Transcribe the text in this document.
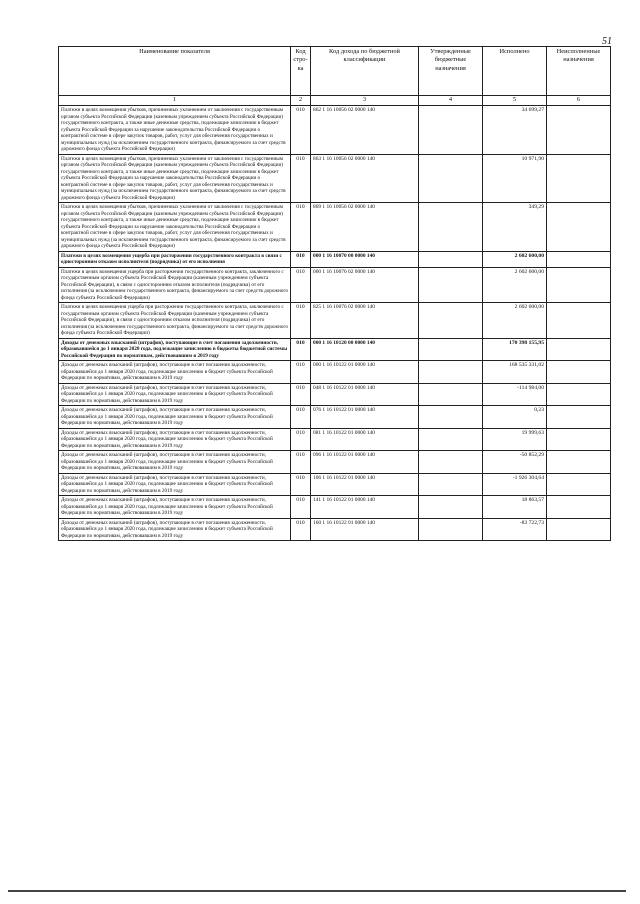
51
Наименование показателя	Код стро-ка	Код дохода по бюджетной классификации	Утвержденные бюджетные назначения	Исполнено	Неисполненные назначения
1	2	3	4	5	6
Платежи в целях возмещения убытков, причиненных уклонением от заключения с государственным органом субъекта Российской Федерации (казенным учреждением субъекта Российской Федерации) государственного контракта, а также иные денежные средства, подлежащие зачислению в бюджет субъекта Российской Федерации за нарушение законодательства Российской Федерации о контрактной системе в сфере закупок товаров, работ, услуг для обеспечения государственных и муниципальных нужд (за исключением государственного контракта, финансируемого за счет средств дорожного фонда субъекта Российской Федерации)	010	862 1 16 10056 02 0000 140		34 699,27	
Платежи в целях возмещения убытков, причиненных уклонением от заключения с государственным органом субъекта Российской Федерации (казенным учреждением субъекта Российской Федерации) государственного контракта, а также иные денежные средства, подлежащие зачислению в бюджет субъекта Российской Федерации за нарушение законодательства Российской Федерации о контрактной системе в сфере закупок товаров, работ, услуг для обеспечения государственных и муниципальных нужд (за исключением государственного контракта, финансируемого за счет средств дорожного фонда субъекта Российской Федерации)	010	863 1 16 10056 02 0000 140		10 971,90	
Платежи в целях возмещения убытков, причиненных уклонением от заключения с государственным органом субъекта Российской Федерации (казенным учреждением субъекта Российской Федерации) государственного контракта, а также иные денежные средства, подлежащие зачислению в бюджет субъекта Российской Федерации за нарушение законодательства Российской Федерации о контрактной системе в сфере закупок товаров, работ, услуг для обеспечения государственных и муниципальных нужд (за исключением государственного контракта, финансируемого за счет средств дорожного фонда субъекта Российской Федерации)	010	869 1 16 10056 02 0000 140		349,29	
Платежи в целях возмещения ущерба при расторжении государственного контракта в связи с односторонним отказом исполнителя (подрядчика) от его исполнения	010	000 1 16 10070 00 0000 140		2 602 600,00	
Платежи в целях возмещения ущерба при расторжении государственного контракта, заключенного с государственным органом субъекта Российской Федерации (казенным учреждением субъекта Российской Федерации), в связи с односторонним отказом исполнителя (подрядчика) от его исполнения (за исключением государственного контракта, финансируемого за счет средств дорожного фонда субъекта Российской Федерации)	010	000 1 16 10076 02 0000 140		2 602 600,00	
Платежи в целях возмещения ущерба при расторжении государственного контракта, заключенного с государственным органом субъекта Российской Федерации (казенным учреждением субъекта Российской Федерации), в связи с односторонним отказом исполнителя (подрядчика) от его исполнения (за исключением государственного контракта, финансируемого за счет средств дорожного фонда субъекта Российской Федерации)	010	825 1 16 10076 02 0000 140		2 602 600,00	
Доходы от денежных взысканий (штрафов), поступающие в счет погашения задолженности, образовавшейся до 1 января 2020 года, подлежащие зачислению в бюджеты бюджетной системы Российской Федерации по нормативам, действовавшим в 2019 году	010	000 1 16 10120 00 0000 140		170 398 155,95	
Доходы от денежных взысканий (штрафов), поступающие в счет погашения задолженности, образовавшейся до 1 января 2020 года, подлежащие зачислению в бюджет субъекта Российской Федерации по нормативам, действовавшим в 2019 году	010	000 1 16 10122 01 0000 140		168 535 331,02	
Доходы от денежных взысканий (штрафов), поступающие в счет погашения задолженности, образовавшейся до 1 января 2020 года, подлежащие зачислению в бюджет субъекта Российской Федерации по нормативам, действовавшим в 2019 году	010	048 1 16 10122 01 0000 140		-114 984,00	
Доходы от денежных взысканий (штрафов), поступающие в счет погашения задолженности, образовавшейся до 1 января 2020 года, подлежащие зачислению в бюджет субъекта Российской Федерации по нормативам, действовавшим в 2019 году	010	076 1 16 10122 01 0000 140		0,23	
Доходы от денежных взысканий (штрафов), поступающие в счет погашения задолженности, образовавшейся до 1 января 2020 года, подлежащие зачислению в бюджет субъекта Российской Федерации по нормативам, действовавшим в 2019 году	010	081 1 16 10122 01 0000 140		19 999,63	
Доходы от денежных взысканий (штрафов), поступающие в счет погашения задолженности, образовавшейся до 1 января 2020 года, подлежащие зачислению в бюджет субъекта Российской Федерации по нормативам, действовавшим в 2019 году	010	096 1 16 10122 01 0000 140		-50 852,29	
Доходы от денежных взысканий (штрафов), поступающие в счет погашения задолженности, образовавшейся до 1 января 2020 года, подлежащие зачислению в бюджет субъекта Российской Федерации по нормативам, действовавшим в 2019 году	010	106 1 16 10122 01 0000 140		-1 926 304,64	
Доходы от денежных взысканий (штрафов), поступающие в счет погашения задолженности, образовавшейся до 1 января 2020 года, подлежащие зачислению в бюджет субъекта Российской Федерации по нормативам, действовавшим в 2019 году	010	141 1 16 10122 01 0000 140		18 863,57	
Доходы от денежных взысканий (штрафов), поступающие в счет погашения задолженности, образовавшейся до 1 января 2020 года, подлежащие зачислению в бюджет субъекта Российской Федерации по нормативам, действовавшим в 2019 году	010	160 1 16 10122 01 0000 140		-83 722,73	
